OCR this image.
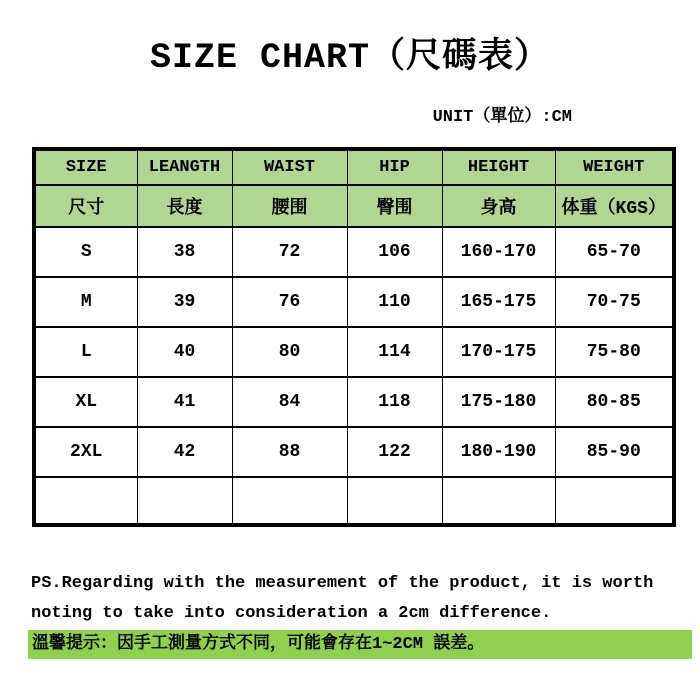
SIZE CHART（尺碼表）
UNIT（單位）:CM
SIZE	LEANGTH	WAIST	HIP	HEIGHT	WEIGHT
尺寸	長度	腰围	臀围	身高	体重（KGS）
S	38	72	106	160-170	65-70
M	39	76	110	165-175	70-75
L	40	80	114	170-175	75-80
XL	41	84	118	175-180	80-85
2XL	42	88	122	180-190	85-90

PS.Regarding with the measurement of the product, it is worth
noting to take into consideration a 2cm difference.
溫馨提示：因手工測量方式不同，可能會存在1~2CM 誤差。
